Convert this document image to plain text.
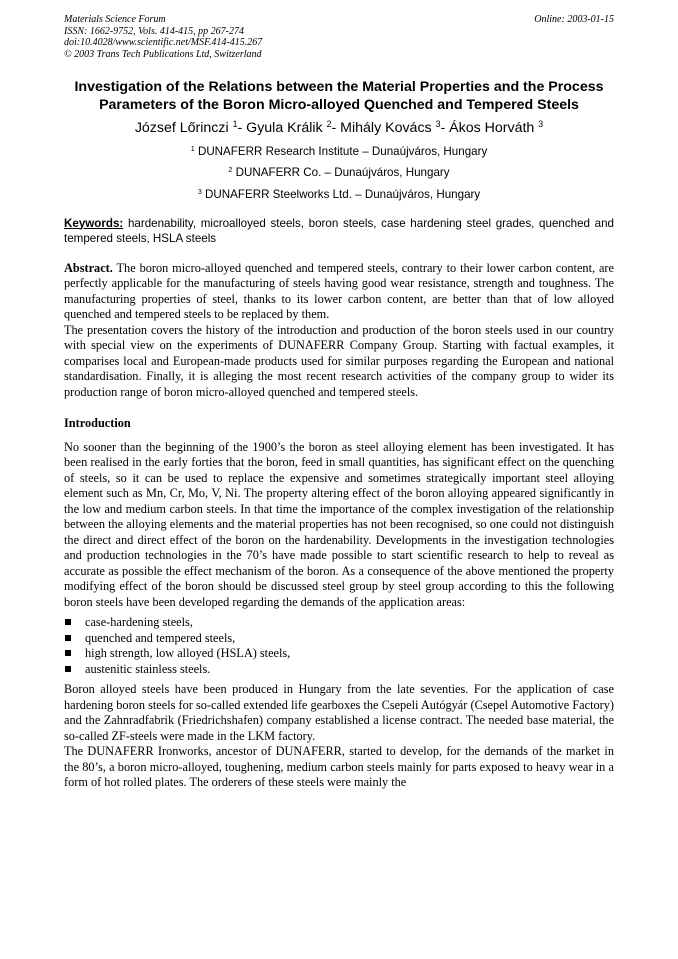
Materials Science Forum
ISSN: 1662-9752, Vols. 414-415, pp 267-274
doi:10.4028/www.scientific.net/MSF.414-415.267
© 2003 Trans Tech Publications Ltd, Switzerland
Online: 2003-01-15
Investigation of the Relations between the Material Properties and the Process Parameters of the Boron Micro-alloyed Quenched and Tempered Steels
József Lőrinczi $^1$- Gyula Králik $^2$- Mihály Kovács $^3$- Ákos Horváth $^3$
$^1$ DUNAFERR Research Institute – Dunaújváros, Hungary
$^2$ DUNAFERR Co. – Dunaújváros, Hungary
$^3$ DUNAFERR Steelworks Ltd. – Dunaújváros, Hungary
Keywords: hardenability, microalloyed steels, boron steels, case hardening steel grades, quenched and tempered steels, HSLA steels

Abstract. The boron micro-alloyed quenched and tempered steels, contrary to their lower carbon content, are perfectly applicable for the manufacturing of steels having good wear resistance, strength and toughness. The manufacturing properties of steel, thanks to its lower carbon content, are better than that of low alloyed quenched and tempered steels to be replaced by them.

The presentation covers the history of the introduction and production of the boron steels used in our country with special view on the experiments of DUNAFERR Company Group. Starting with factual examples, it comparises local and European-made products used for similar purposes regarding the European and national standardisation. Finally, it is alleging the most recent research activities of the company group to wider its production range of boron micro-alloyed quenched and tempered steels.

Introduction
No sooner than the beginning of the 1900’s the boron as steel alloying element has been investigated. It has been realised in the early forties that the boron, feed in small quantities, has significant effect on the quenching of steels, so it can be used to replace the expensive and sometimes strategically important steel alloying element such as Mn, Cr, Mo, V, Ni. The property altering effect of the boron alloying appeared significantly in the low and medium carbon steels. In that time the importance of the complex investigation of the relationship between the alloying elements and the material properties has not been recognised, so one could not distinguish the direct and direct effect of the boron on the hardenability. Developments in the investigation technologies and production technologies in the 70’s have made possible to start scientific research to help to reveal as accurate as possible the effect mechanism of the boron. As a consequence of the above mentioned the property modifying effect of the boron should be discussed steel group by steel group according to this the following boron steels have been developed regarding the demands of the application areas:
case-hardening steels,
quenched and tempered steels,
high strength, low alloyed (HSLA) steels,
austenitic stainless steels.
Boron alloyed steels have been produced in Hungary from the late seventies. For the application of case hardening boron steels for so-called extended life gearboxes the Csepeli Autógyár (Csepel Automotive Factory) and the Zahnradfabrik (Friedrichshafen) company established a license contract. The needed base material, the so-called ZF-steels were made in the LKM factory.
The DUNAFERR Ironworks, ancestor of DUNAFERR, started to develop, for the demands of the market in the 80’s, a boron micro-alloyed, toughening, medium carbon steels mainly for parts exposed to heavy wear in a form of hot rolled plates. The orderers of these steels were mainly the
